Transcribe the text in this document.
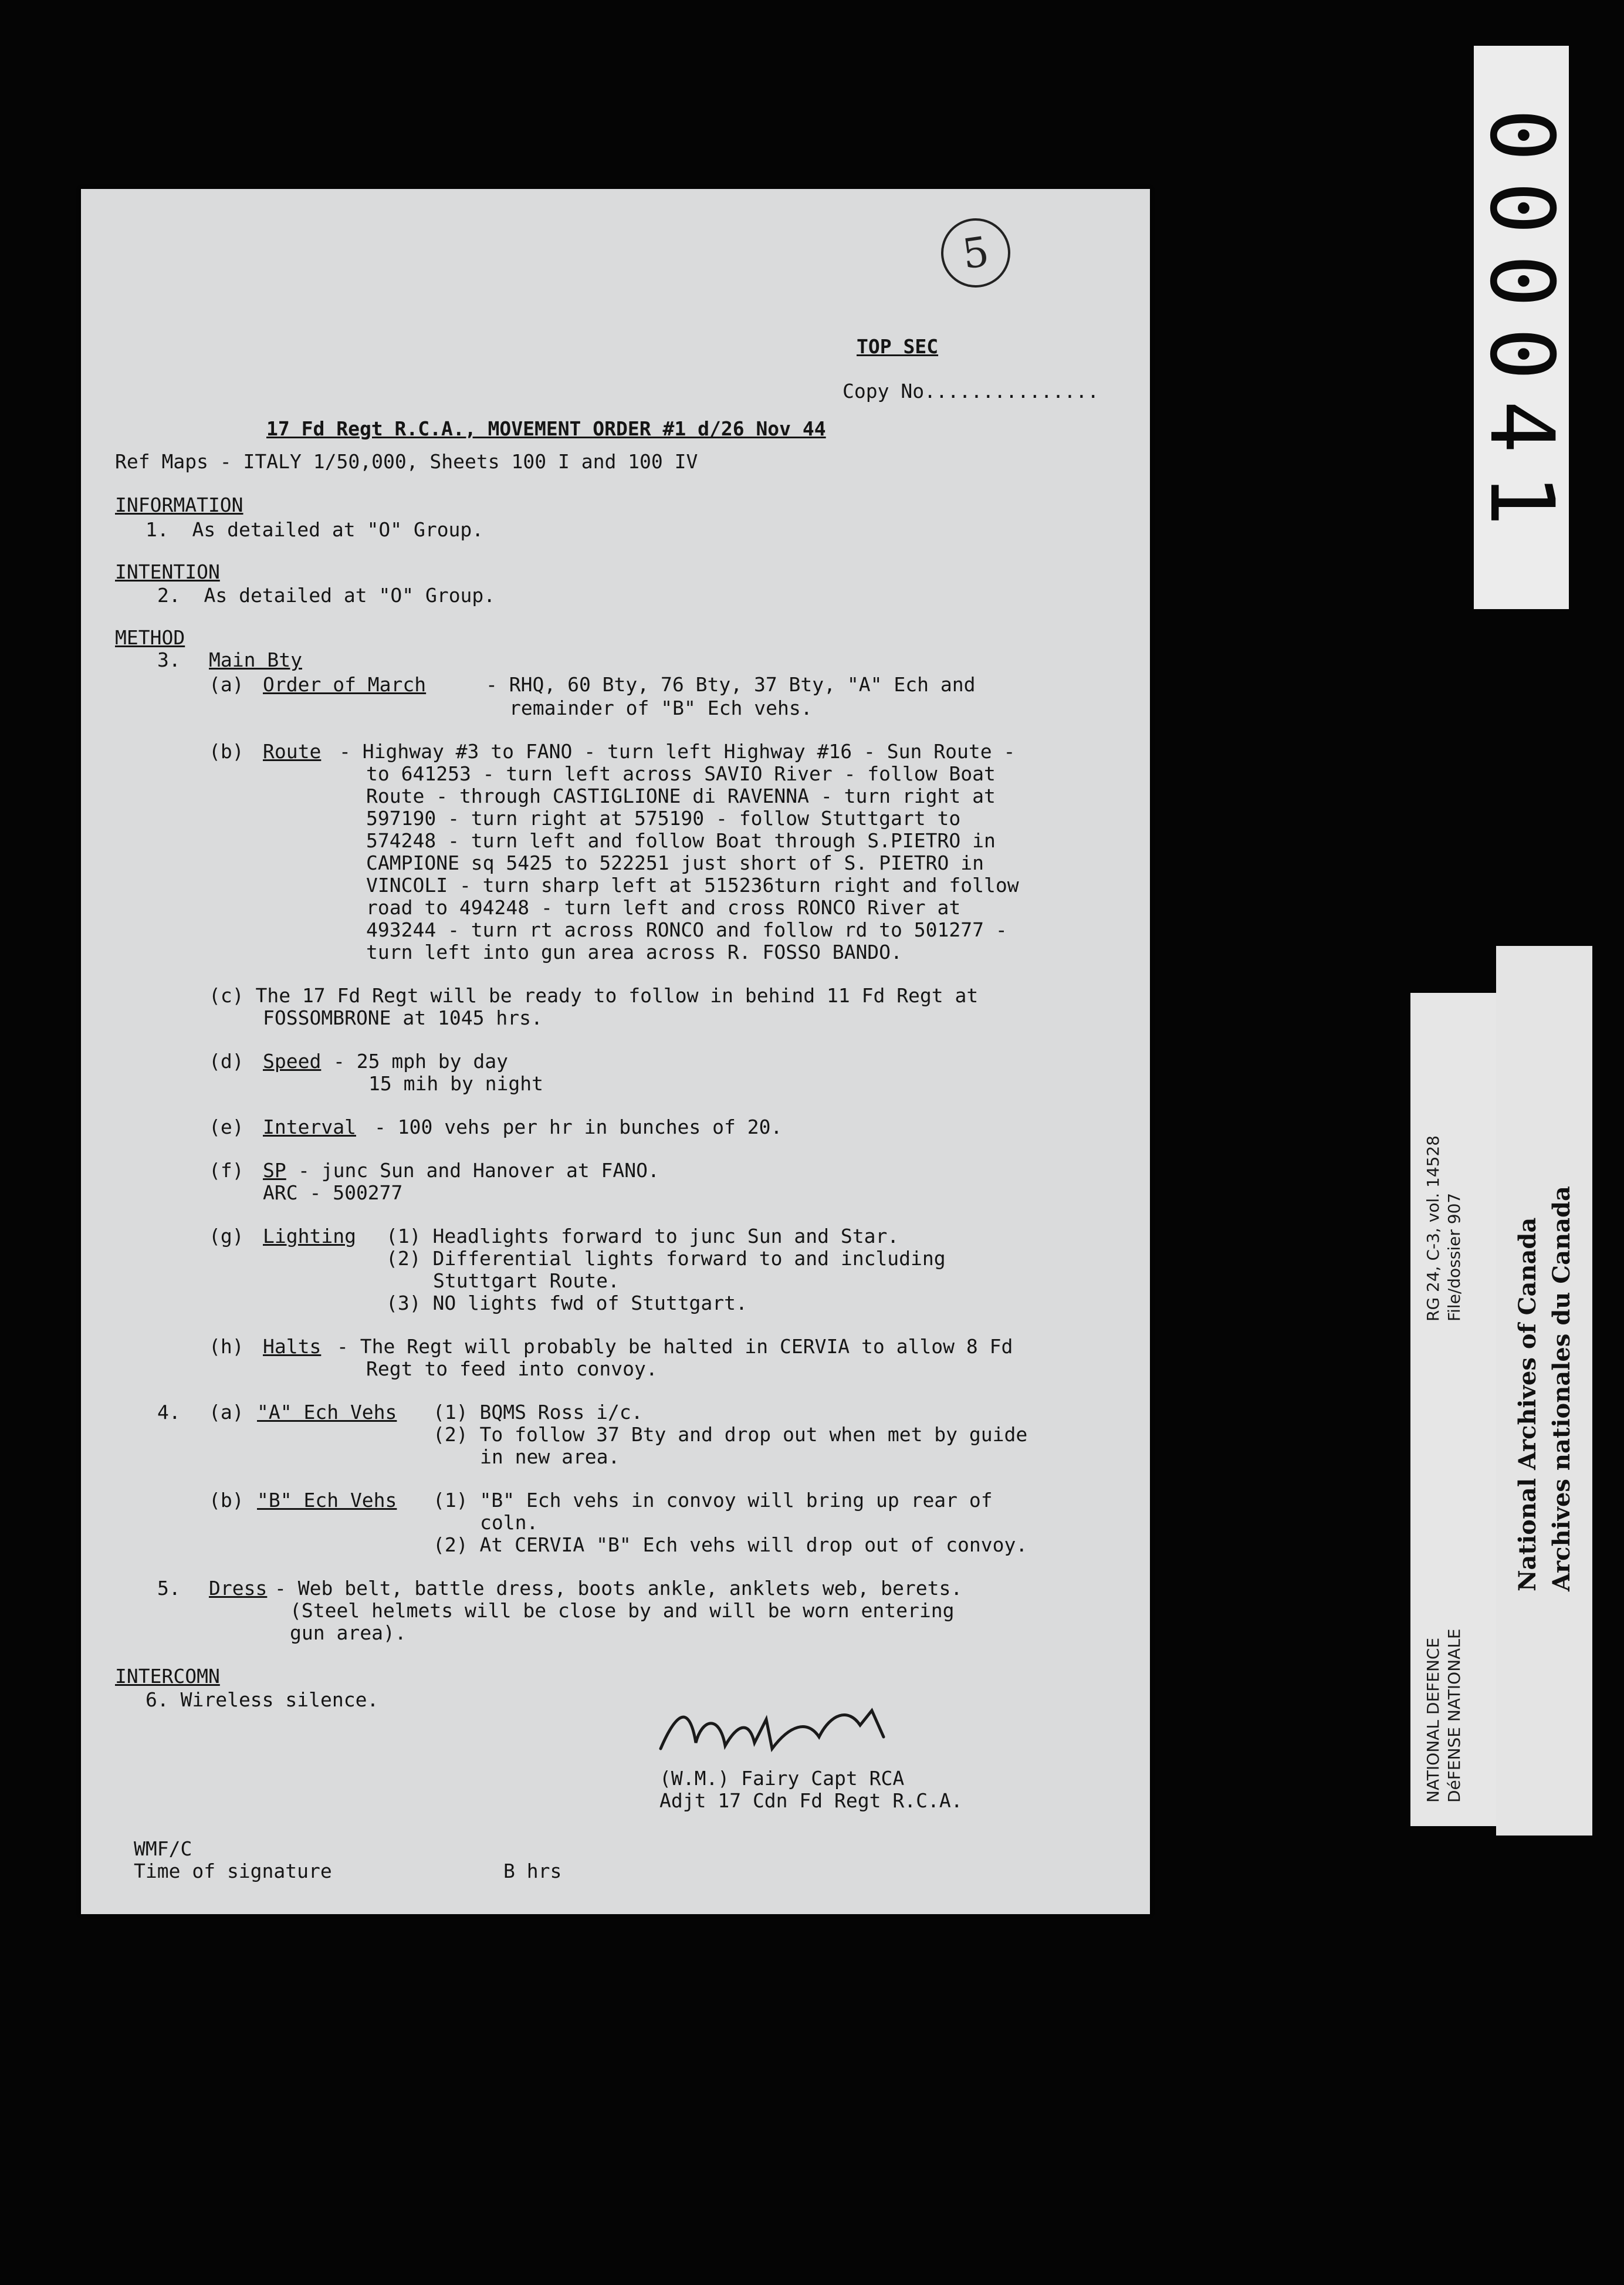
000041
RG 24, C-3, vol. 14528 File/dossier 907
NATIONAL DEFENCE DéFENSE NATIONALE
National Archives of Canada Archives nationales du Canada

5

TOP SEC

Copy No...............

17 Fd Regt R.C.A., MOVEMENT ORDER #1 d/26 Nov 44

Ref Maps - ITALY 1/50,000, Sheets 100 I and 100 IV

INFORMATION

1.  As detailed at "O" Group.

INTENTION

2.  As detailed at "O" Group.

METHOD

3.

Main Bty

(a)

Order of March

	- RHQ, 60 Bty, 76 Bty, 37 Bty, "A" Ech and

remainder of "B" Ech vehs.

(b)

Route

- Highway #3 to FANO - turn left Highway #16 - Sun Route -

to 641253 - turn left across SAVIO River - follow Boat

Route - through CASTIGLIONE di RAVENNA - turn right at

597190 - turn right at 575190 - follow Stuttgart to

574248 - turn left and follow Boat through S.PIETRO in

CAMPIONE sq 5425 to 522251 just short of S. PIETRO in

VINCOLI - turn sharp left at 515236turn right and follow

road to 494248 - turn left and cross RONCO River at

493244 - turn rt across RONCO and follow rd to 501277 -

turn left into gun area across R. FOSSO BANDO.

(c) The 17 Fd Regt will be ready to follow in behind 11 Fd Regt at

FOSSOMBRONE at 1045 hrs.

(d)

Speed

- 25 mph by day

15 mih by night

(e)

Interval

- 100 vehs per hr in bunches of 20.

(f)

SP

- junc Sun and Hanover at FANO.

ARC - 500277

(g)

Lighting

(1) Headlights forward to junc Sun and Star.

(2) Differential lights forward to and including

Stuttgart Route.

(3) NO lights fwd of Stuttgart.

(h)

Halts

- The Regt will probably be halted in CERVIA to allow 8 Fd

Regt to feed into convoy.

4.

(a)

"A" Ech Vehs

(1) BQMS Ross i/c.

(2) To follow 37 Bty and drop out when met by guide

in new area.

(b)

"B" Ech Vehs

(1) "B" Ech vehs in convoy will bring up rear of

coln.

(2) At CERVIA "B" Ech vehs will drop out of convoy.

5.

Dress

- Web belt, battle dress, boots ankle, anklets web, berets.

(Steel helmets will be close by and will be worn entering

gun area).

INTERCOMN

6. Wireless silence.

(W.M.) Fairy Capt RCA

Adjt 17 Cdn Fd Regt R.C.A.

WMF/C

Time of signature

	B hrs
